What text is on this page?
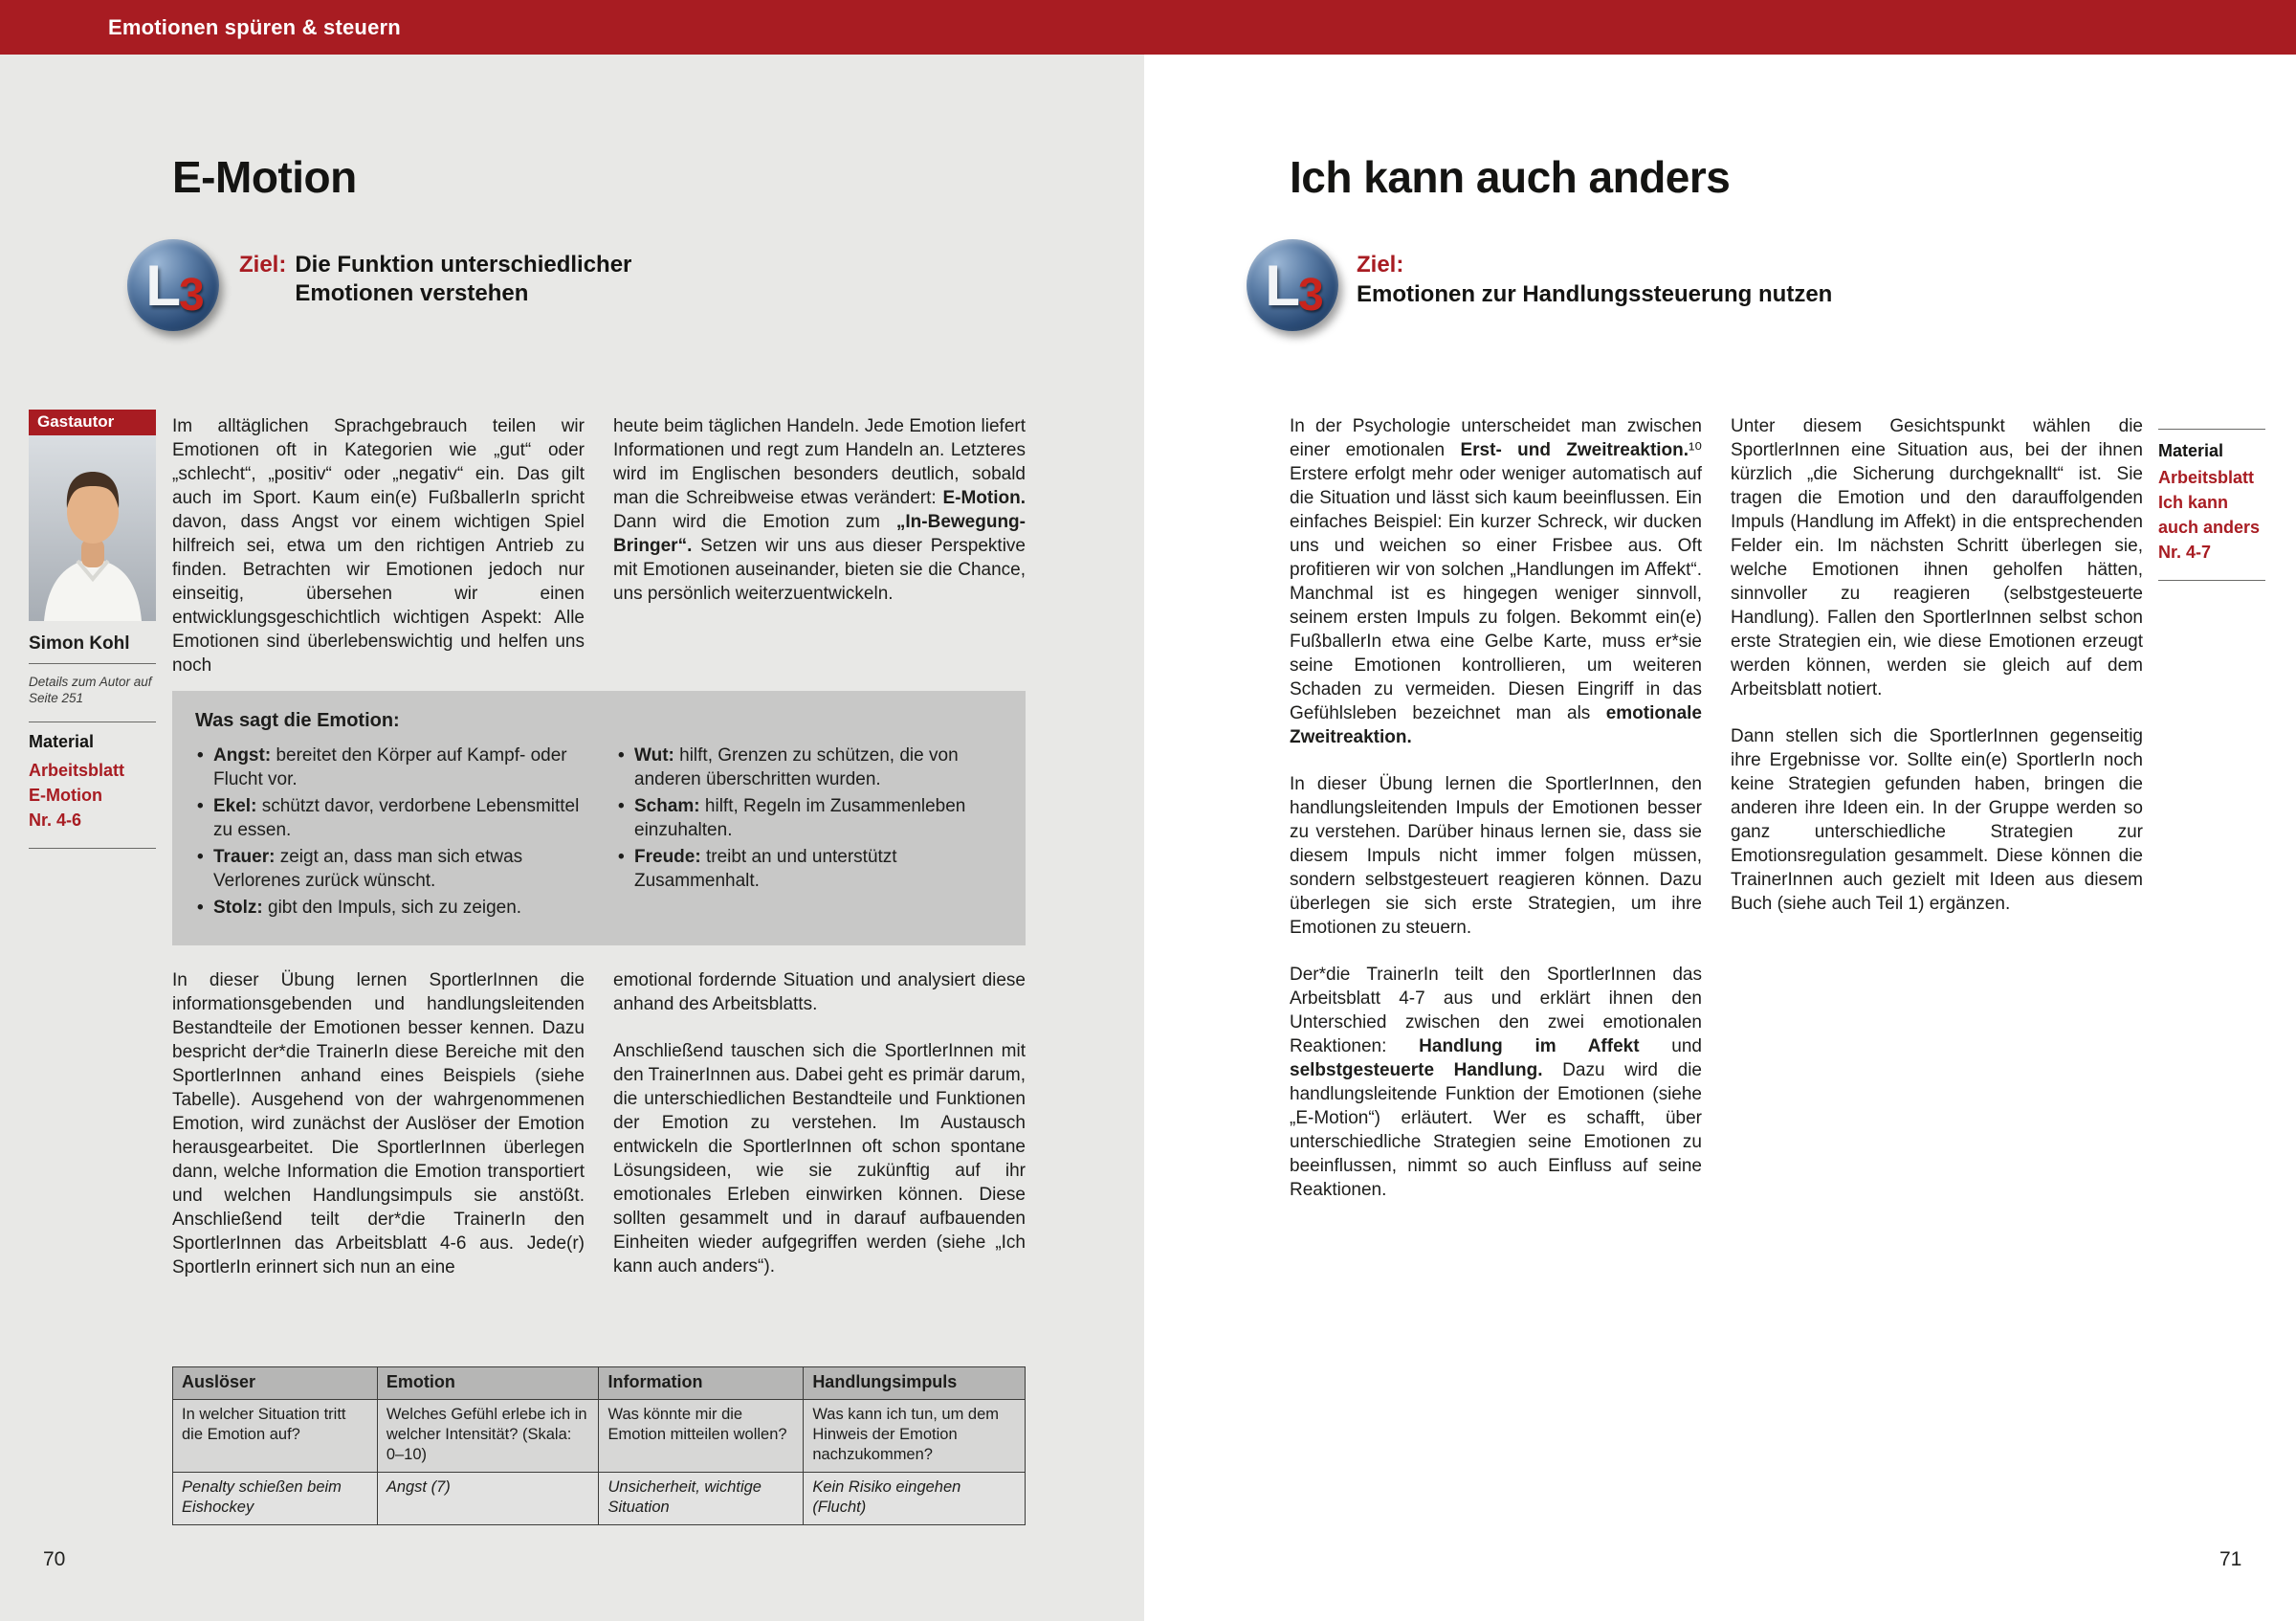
Emotionen spüren & steuern
E-Motion
L
3
Ziel: Die Funktion unterschiedlicher Emotionen verstehen
Gastautor
Simon Kohl
Details zum Autor auf Seite 251
Material
Arbeitsblatt
E-Motion
Nr. 4-6

Im alltäglichen Sprachgebrauch teilen wir Emotionen oft in Kategorien wie „gut“ oder „schlecht“, „positiv“ oder „negativ“ ein. Das gilt auch im Sport. Kaum ein(e) FußballerIn spricht davon, dass Angst vor einem wichtigen Spiel hilfreich sei, etwa um den richtigen Antrieb zu finden. Betrachten wir Emotionen jedoch nur einseitig, übersehen wir einen entwicklungsgeschichtlich wichtigen Aspekt: Alle Emotionen sind überlebenswichtig und helfen uns noch

heute beim täglichen Handeln. Jede Emotion liefert Informationen und regt zum Handeln an. Letzteres wird im Englischen besonders deutlich, sobald man die Schreibweise etwas verändert: E-Motion. Dann wird die Emotion zum „In-Bewegung-Bringer“. Setzen wir uns aus dieser Perspektive mit Emotionen auseinander, bieten sie die Chance, uns persönlich weiterzuentwickeln.

Was sagt die Emotion:
• Angst: bereitet den Körper auf Kampf- oder Flucht vor.
• Ekel: schützt davor, verdorbene Lebensmittel zu essen.
• Trauer: zeigt an, dass man sich etwas Verlorenes zurück wünscht.
• Stolz: gibt den Impuls, sich zu zeigen.
• Wut: hilft, Grenzen zu schützen, die von anderen überschritten wurden.
• Scham: hilft, Regeln im Zusammenleben einzuhalten.
• Freude: treibt an und unterstützt Zusammenhalt.

In dieser Übung lernen SportlerInnen die informationsgebenden und handlungsleitenden Bestandteile der Emotionen besser kennen. Dazu bespricht der*die TrainerIn diese Bereiche mit den SportlerInnen anhand eines Beispiels (siehe Tabelle). Ausgehend von der wahrgenommenen Emotion, wird zunächst der Auslöser der Emotion herausgearbeitet. Die SportlerInnen überlegen dann, welche Information die Emotion transportiert und welchen Handlungsimpuls sie anstößt. Anschließend teilt der*die TrainerIn den SportlerInnen das Arbeitsblatt 4-6 aus. Jede(r) SportlerIn erinnert sich nun an eine

emotional fordernde Situation und analysiert diese anhand des Arbeitsblatts.

Anschließend tauschen sich die SportlerInnen mit den TrainerInnen aus. Dabei geht es primär darum, die unterschiedlichen Bestandteile und Funktionen der Emotion zu verstehen. Im Austausch entwickeln die SportlerInnen oft schon spontane Lösungsideen, wie sie zukünftig auf ihr emotionales Erleben einwirken können. Diese sollten gesammelt und in darauf aufbauenden Einheiten wieder aufgegriffen werden (siehe „Ich kann auch anders“).

Auslöser	Emotion	Information	Handlungsimpuls
In welcher Situation tritt die Emotion auf?	Welches Gefühl erlebe ich in welcher Intensität? (Skala: 0–10)	Was könnte mir die Emotion mitteilen wollen?	Was kann ich tun, um dem Hinweis der Emotion nachzukommen?
Penalty schießen beim Eishockey	Angst (7)	Unsicherheit, wichtige Situation	Kein Risiko eingehen (Flucht)
70
Ich kann auch anders
L
3
Ziel:
Emotionen zur Handlungssteuerung nutzen

In der Psychologie unterscheidet man zwischen einer emotionalen Erst- und Zweitreaktion.¹⁰ Erstere erfolgt mehr oder weniger automatisch auf die Situation und lässt sich kaum beeinflussen. Ein einfaches Beispiel: Ein kurzer Schreck, wir ducken uns und weichen so einer Frisbee aus. Oft profitieren wir von solchen „Handlungen im Affekt“. Manchmal ist es hingegen weniger sinnvoll, seinem ersten Impuls zu folgen. Bekommt ein(e) FußballerIn etwa eine Gelbe Karte, muss er*sie seine Emotionen kontrollieren, um weiteren Schaden zu vermeiden. Diesen Eingriff in das Gefühlsleben bezeichnet man als emotionale Zweitreaktion.

In dieser Übung lernen die SportlerInnen, den handlungsleitenden Impuls der Emotionen besser zu verstehen. Darüber hinaus lernen sie, dass sie diesem Impuls nicht immer folgen müssen, sondern selbstgesteuert reagieren können. Dazu überlegen sie sich erste Strategien, um ihre Emotionen zu steuern.

Der*die TrainerIn teilt den SportlerInnen das Arbeitsblatt 4-7 aus und erklärt ihnen den Unterschied zwischen den zwei emotionalen Reaktionen: Handlung im Affekt und selbstgesteuerte Handlung. Dazu wird die handlungsleitende Funktion der Emotionen (siehe „E-Motion“) erläutert. Wer es schafft, über unterschiedliche Strategien seine Emotionen zu beeinflussen, nimmt so auch Einfluss auf seine Reaktionen.

Unter diesem Gesichtspunkt wählen die SportlerInnen eine Situation aus, bei der ihnen kürzlich „die Sicherung durchgeknallt“ ist. Sie tragen die Emotion und den darauffolgenden Impuls (Handlung im Affekt) in die entsprechenden Felder ein. Im nächsten Schritt überlegen sie, welche Emotionen ihnen geholfen hätten, sinnvoller zu reagieren (selbstgesteuerte Handlung). Fallen den SportlerInnen selbst schon erste Strategien ein, wie diese Emotionen erzeugt werden können, werden sie gleich auf dem Arbeitsblatt notiert.

Dann stellen sich die SportlerInnen gegenseitig ihre Ergebnisse vor. Sollte ein(e) SportlerIn noch keine Strategien gefunden haben, bringen die anderen ihre Ideen ein. In der Gruppe werden so ganz unterschiedliche Strategien zur Emotionsregulation gesammelt. Diese können die TrainerInnen auch gezielt mit Ideen aus diesem Buch (siehe auch Teil 1) ergänzen.

Material
Arbeitsblatt
Ich kann
auch anders
Nr. 4-7
71
